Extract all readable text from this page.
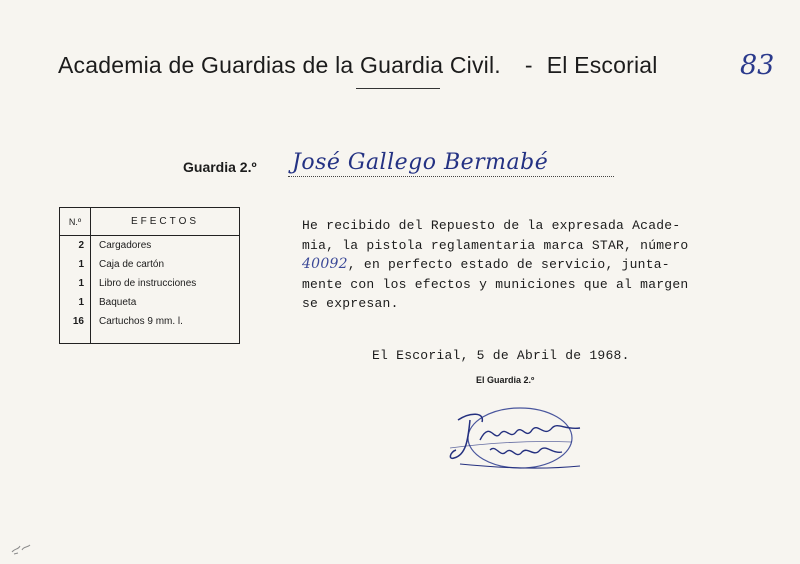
Academia de Guardias de la Guardia Civil. - El Escorial	83
Guardia 2.º José Gallego Bermabé
N.º	EFECTOS
2	Cargadores
1	Caja de cartón
1	Libro de instrucciones
1	Baqueta
16	Cartuchos 9 mm. l.
He recibido del Repuesto de la expresada Acade-
mia, la pistola reglamentaria marca STAR, número
40092, en perfecto estado de servicio, junta-
mente con los efectos y municiones que al margen
se expresan.
El Escorial, 5 de Abril de 1968.
El Guardia 2.º
